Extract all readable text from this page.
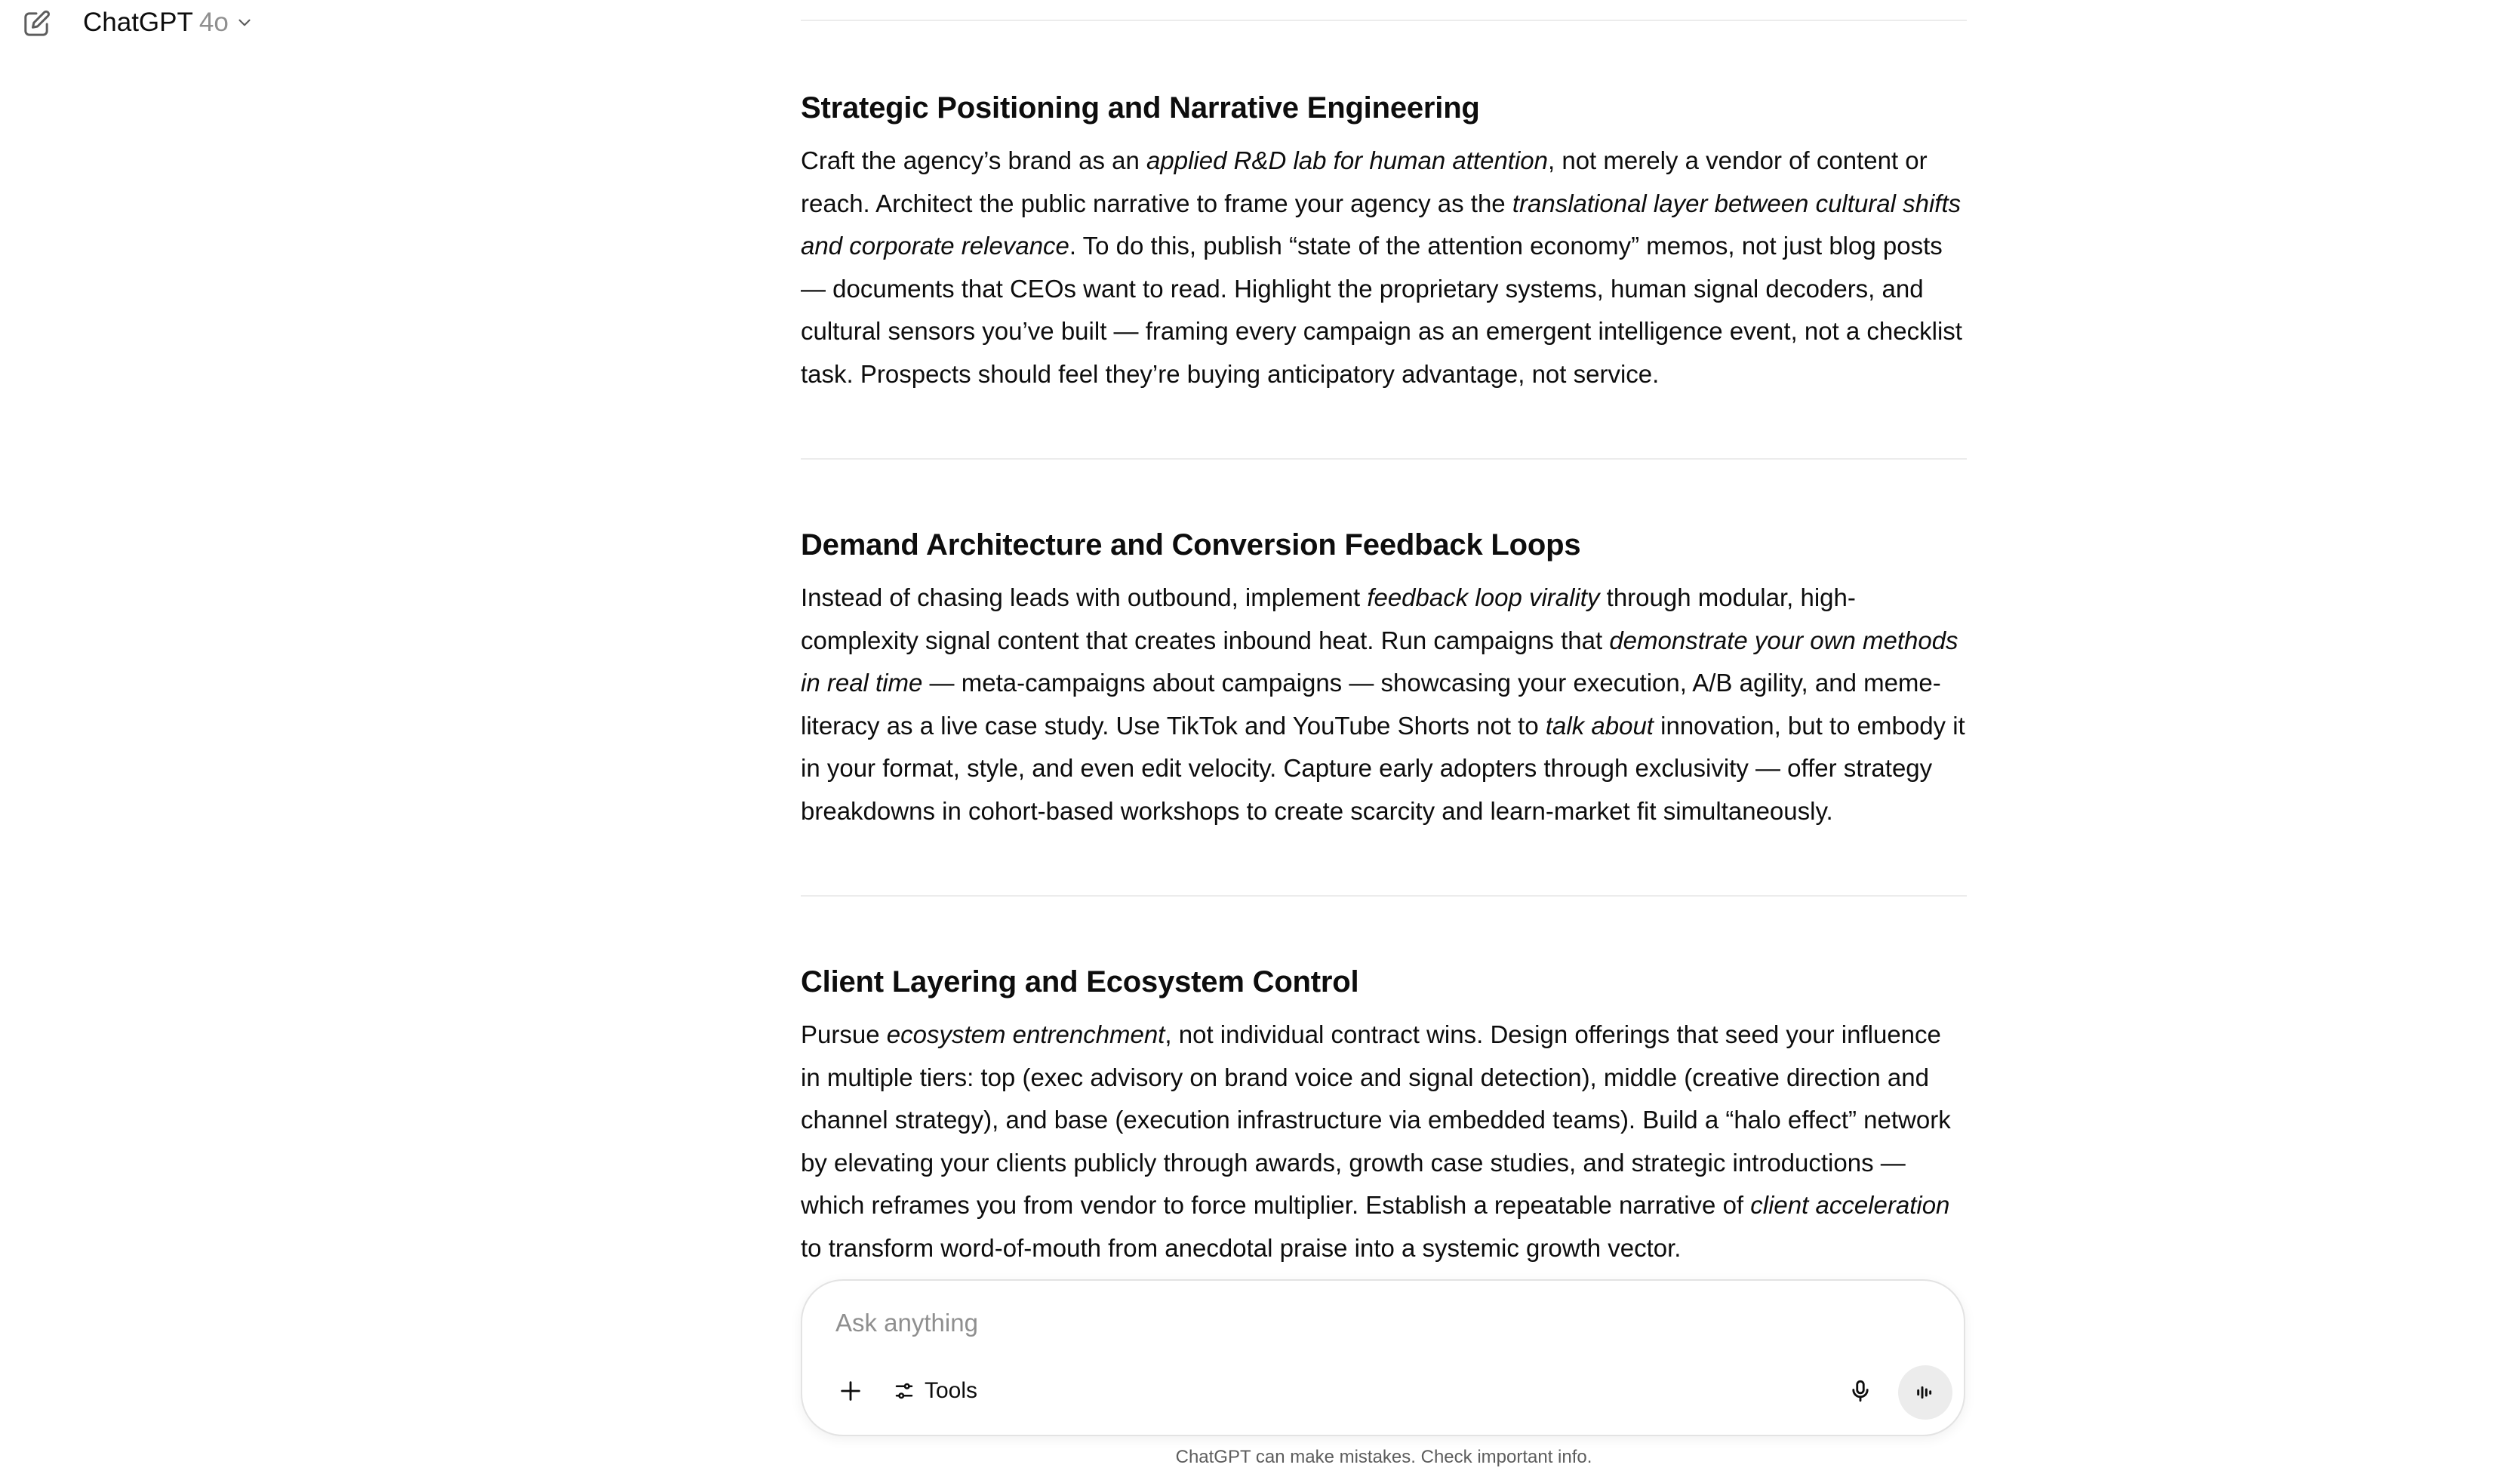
ChatGPT 4o
Strategic Positioning and Narrative Engineering

Craft the agency’s brand as an applied R&D lab for human attention, not merely a vendor of content or reach. Architect the public narrative to frame your agency as the translational layer between cultural shifts and corporate relevance. To do this, publish “state of the attention economy” memos, not just blog posts — documents that CEOs want to read. Highlight the proprietary systems, human signal decoders, and cultural sensors you’ve built — framing every campaign as an emergent intelligence event, not a checklist task. Prospects should feel they’re buying anticipatory advantage, not service.

Demand Architecture and Conversion Feedback Loops

Instead of chasing leads with outbound, implement feedback loop virality through modular, high-complexity signal content that creates inbound heat. Run campaigns that demonstrate your own methods in real time — meta-campaigns about campaigns — showcasing your execution, A/B agility, and meme-literacy as a live case study. Use TikTok and YouTube Shorts not to talk about innovation, but to embody it in your format, style, and even edit velocity. Capture early adopters through exclusivity — offer strategy breakdowns in cohort-based workshops to create scarcity and learn-market fit simultaneously.

Client Layering and Ecosystem Control

Pursue ecosystem entrenchment, not individual contract wins. Design offerings that seed your influence in multiple tiers: top (exec advisory on brand voice and signal detection), middle (creative direction and channel strategy), and base (execution infrastructure via embedded teams). Build a “halo effect” network by elevating your clients publicly through awards, growth case studies, and strategic introductions — which reframes you from vendor to force multiplier. Establish a repeatable narrative of client acceleration to transform word-of-mouth from anecdotal praise into a systemic growth vector.

Ask anything
Tools
ChatGPT can make mistakes. Check important info.
